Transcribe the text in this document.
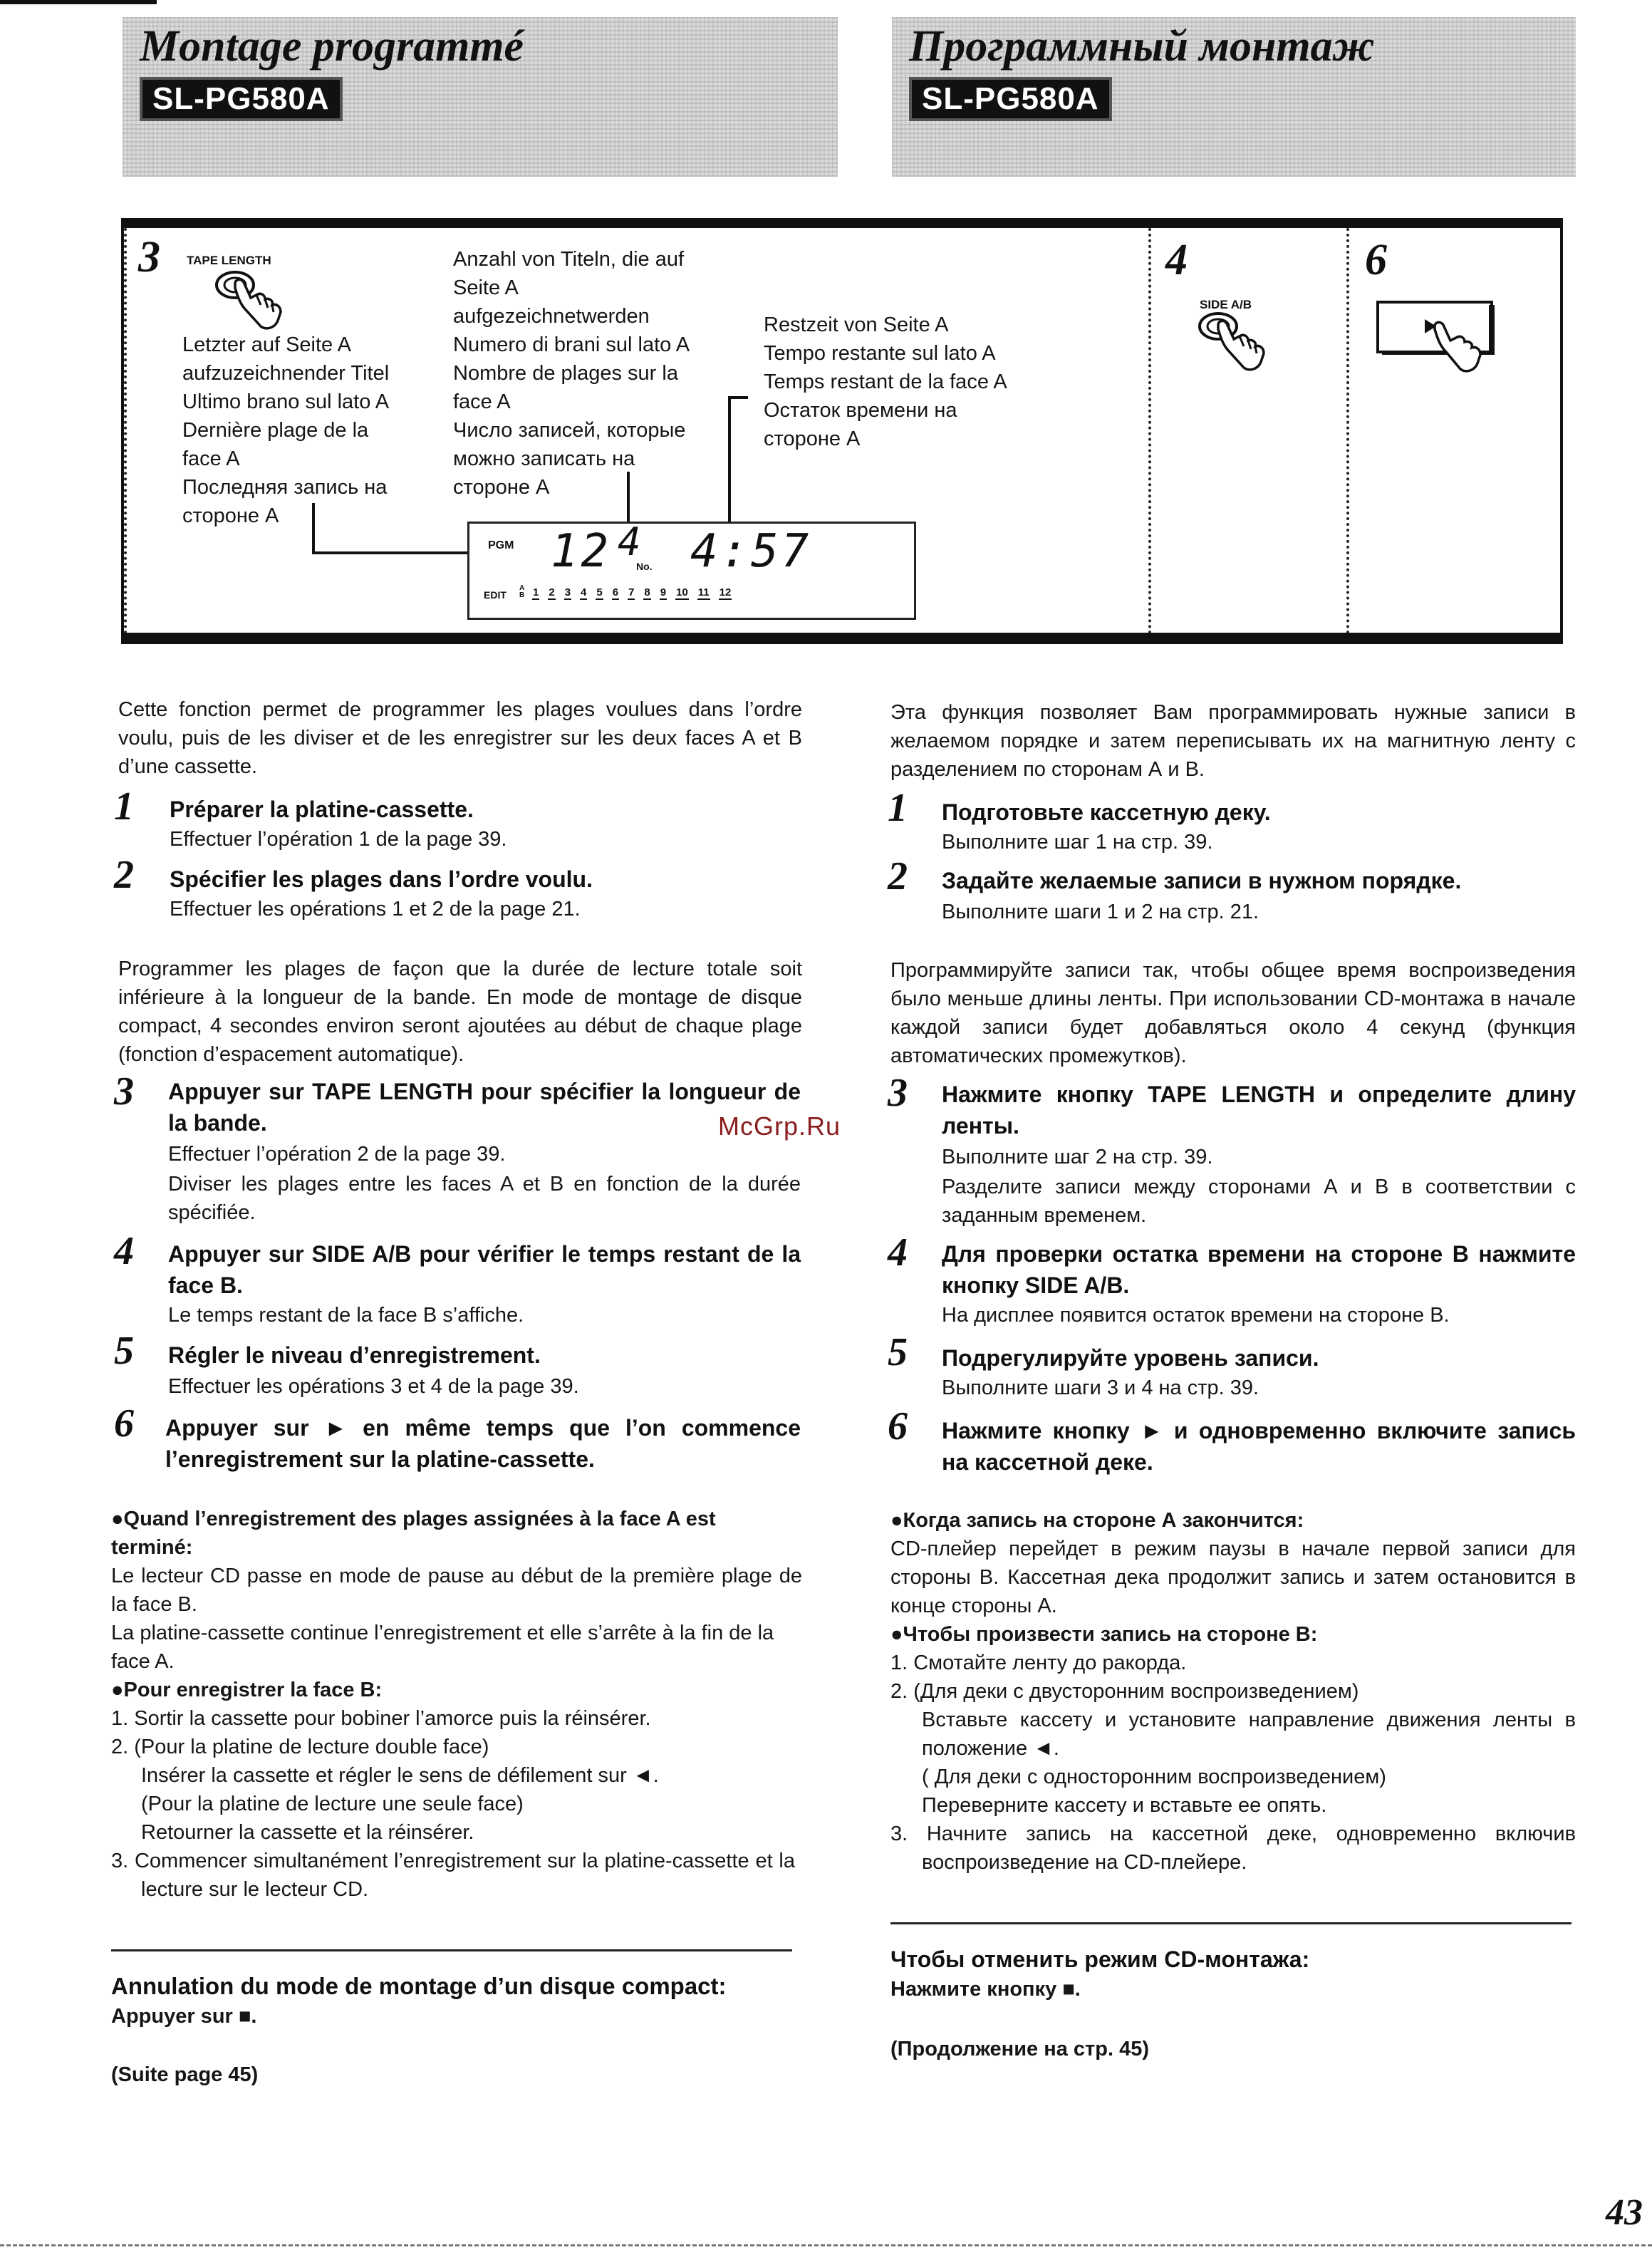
Montage programmé
SL-PG580A
Программный монтаж
SL-PG580A
3	4	6
TAPE LENGTH
SIDE A/B
Letzter auf Seite A
aufzuzeichnender Titel
Ultimo brano sul lato A
Dernière plage de la
face A
Последняя запись на
стороне А
Anzahl von Titeln, die auf
Seite A
aufgezeichnetwerden
Numero di brani sul lato A
Nombre de plages sur la
face A
Число записей, которые
можно записать на
стороне А
Restzeit von Seite A
Tempo restante sul lato A
Temps restant de la face A
Остаток времени на
стороне А
PGM 12 4
No. 4:57
EDIT
A B 1 2 3 4 5 6 7 8 9 10 11 12
Cette fonction permet de programmer les plages voulues dans l’ordre voulu, puis de les diviser et de les enregistrer sur les deux faces A et B d’une cassette.
1 Préparer la platine-cassette.
Effectuer l’opération 1 de la page 39.
2 Spécifier les plages dans l’ordre voulu.
Effectuer les opérations 1 et 2 de la page 21.
Programmer les plages de façon que la durée de lecture totale soit inférieure à la longueur de la bande. En mode de montage de disque compact, 4 secondes environ seront ajoutées au début de chaque plage (fonction d’espacement automatique).
3 Appuyer sur TAPE LENGTH pour spécifier la longueur de la bande.
Effectuer l’opération 2 de la page 39.
Diviser les plages entre les faces A et B en fonction de la durée spécifiée.
4 Appuyer sur SIDE A/B pour vérifier le temps restant de la face B.
Le temps restant de la face B s’affiche.
5 Régler le niveau d’enregistrement.
Effectuer les opérations 3 et 4 de la page 39.
6 Appuyer sur ► en même temps que l’on commence l’enregistrement sur la platine-cassette.
●Quand l’enregistrement des plages assignées à la face A est terminé:
Le lecteur CD passe en mode de pause au début de la première plage de la face B.
La platine-cassette continue l’enregistrement et elle s’arrête à la fin de la face A.
●Pour enregistrer la face B:
1. Sortir la cassette pour bobiner l’amorce puis la réinsérer.
2. (Pour la platine de lecture double face)
Insérer la cassette et régler le sens de défilement sur ◄.
(Pour la platine de lecture une seule face)
Retourner la cassette et la réinsérer.
3. Commencer simultanément l’enregistrement sur la platine-cassette et la lecture sur le lecteur CD.
Annulation du mode de montage d’un disque compact:
Appuyer sur ■.
(Suite page 45)
McGrp.Ru
Эта функция позволяет Вам программировать нужные записи в желаемом порядке и затем переписывать их на магнитную ленту с разделением по сторонам А и В.
1 Подготовьте кассетную деку.
Выполните шаг 1 на стр. 39.
2 Задайте желаемые записи в нужном порядке.
Выполните шаги 1 и 2 на стр. 21.
Программируйте записи так, чтобы общее время воспроизведения было меньше длины ленты. При использовании CD-монтажа в начале каждой записи будет добавляться около 4 секунд (функция автоматических промежутков).
3 Нажмите кнопку TAPE LENGTH и определите длину ленты.
Выполните шаг 2 на стр. 39.
Разделите записи между сторонами А и В в соответствии с заданным временем.
4 Для проверки остатка времени на стороне В нажмите кнопку SIDE A/B.
На дисплее появится остаток времени на стороне В.
5 Подрегулируйте уровень записи.
Выполните шаги 3 и 4 на стр. 39.
6 Нажмите кнопку ► и одновременно включите запись на кассетной деке.
●Когда запись на стороне А закончится:
CD-плейер перейдет в режим паузы в начале первой записи для стороны В. Кассетная дека продолжит запись и затем остановится в конце стороны А.
●Чтобы произвести запись на стороне В:
1. Смотайте ленту до ракорда.
2. (Для деки с двусторонним воспроизведением)
Вставьте кассету и установите направление движения ленты в положение ◄.
( Для деки с односторонним воспроизведением)
Переверните кассету и вставьте ее опять.
3. Начните запись на кассетной деке, одновременно включив воспроизведение на CD-плейере.
Чтобы отменить режим CD-монтажа:
Нажмите кнопку ■.
(Продолжение на стр. 45)
43
